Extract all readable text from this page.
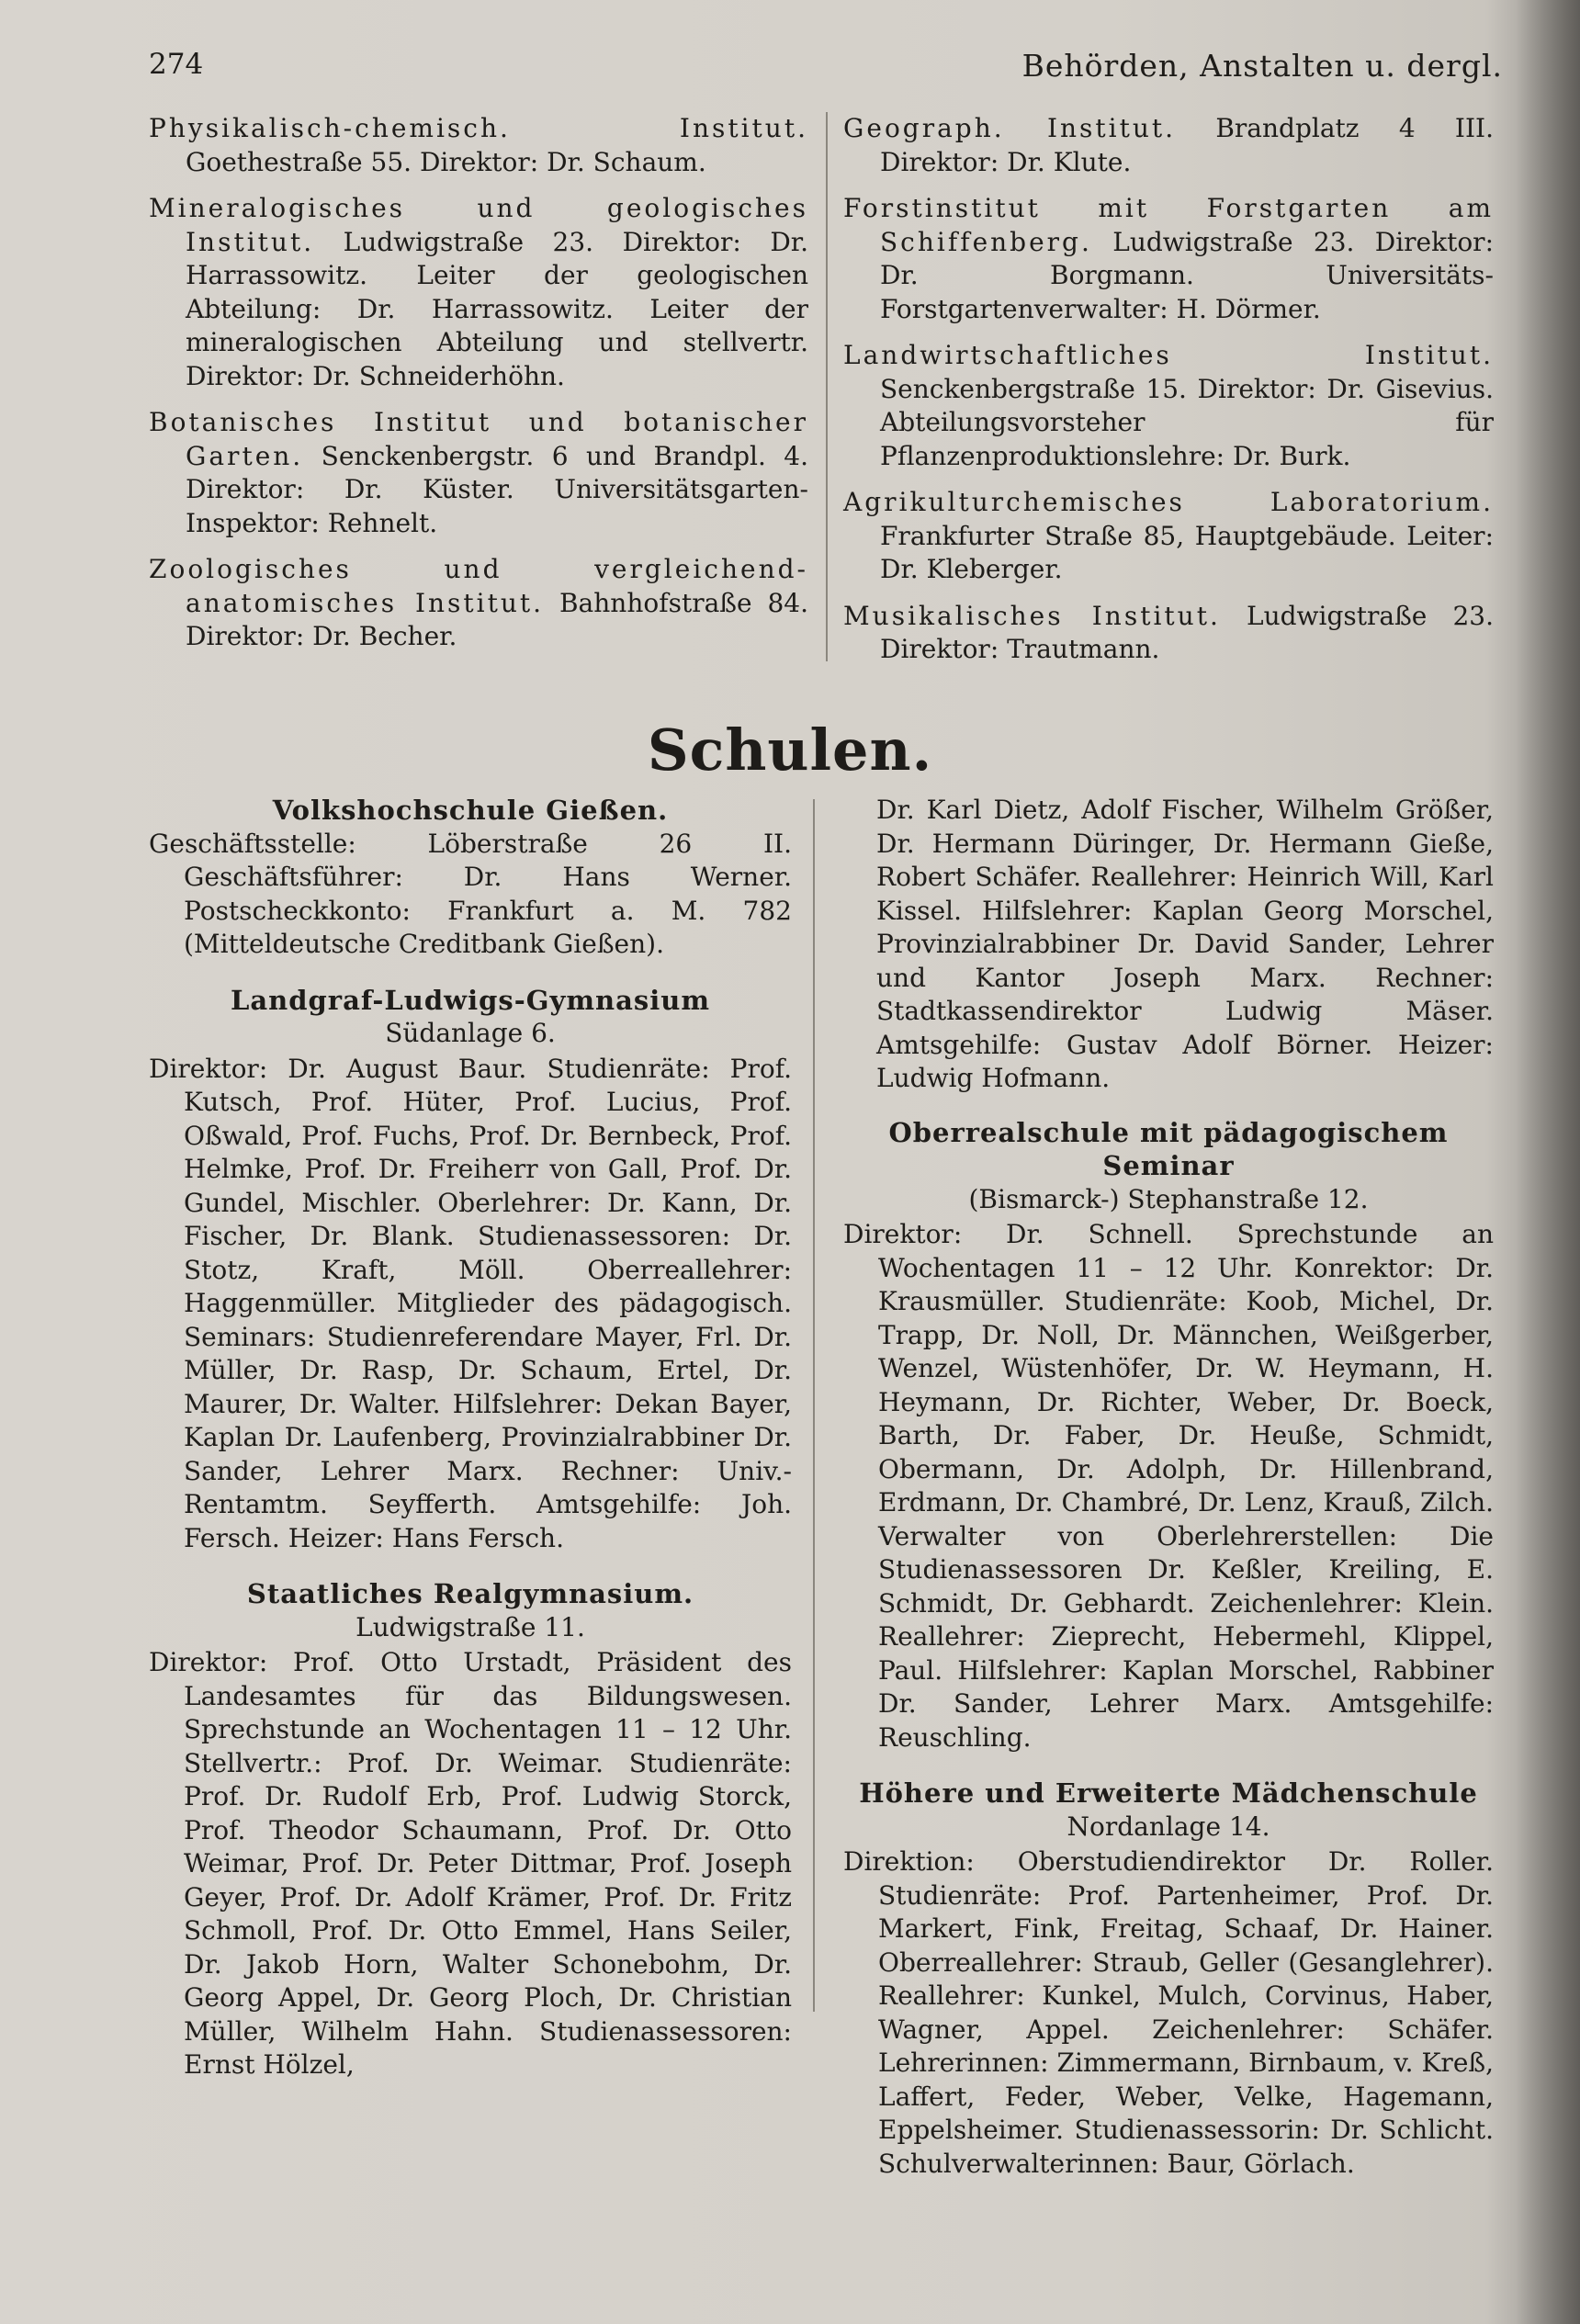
274	Behörden, Anstalten u. dergl.

Physikalisch-chemisch. Institut. Goethestraße 55. Direktor: Dr. Schaum.

Mineralogisches und geologisches Institut. Ludwigstraße 23. Direktor: Dr. Harrassowitz. Leiter der geologischen Abteilung: Dr. Harrassowitz. Leiter der mineralogischen Abteilung und stellvertr. Direktor: Dr. Schneiderhöhn.

Botanisches Institut und botanischer Garten. Senckenbergstr. 6 und Brandpl. 4. Direktor: Dr. Küster. Universitätsgarten-Inspektor: Rehnelt.

Zoologisches und vergleichend-anatomisches Institut. Bahnhofstraße 84. Direktor: Dr. Becher.

Geograph. Institut. Brandplatz 4 III. Direktor: Dr. Klute.

Forstinstitut mit Forstgarten am Schiffenberg. Ludwigstraße 23. Direktor: Dr. Borgmann. Universitäts-Forstgartenverwalter: H. Dörmer.

Landwirtschaftliches Institut. Senckenbergstraße 15. Direktor: Dr. Gisevius. Abteilungsvorsteher für Pflanzenproduktionslehre: Dr. Burk.

Agrikulturchemisches Laboratorium. Frankfurter Straße 85, Hauptgebäude. Leiter: Dr. Kleberger.

Musikalisches Institut. Ludwigstraße 23. Direktor: Trautmann.

Schulen.

Volkshochschule Gießen.

Geschäftsstelle: Löberstraße 26 II. Geschäftsführer: Dr. Hans Werner. Postscheckkonto: Frankfurt a. M. 782 (Mitteldeutsche Creditbank Gießen).

Landgraf-Ludwigs-Gymnasium

Südanlage 6.

Direktor: Dr. August Baur. Studienräte: Prof. Kutsch, Prof. Hüter, Prof. Lucius, Prof. Oßwald, Prof. Fuchs, Prof. Dr. Bernbeck, Prof. Helmke, Prof. Dr. Freiherr von Gall, Prof. Dr. Gundel, Mischler. Oberlehrer: Dr. Kann, Dr. Fischer, Dr. Blank. Studienassessoren: Dr. Stotz, Kraft, Möll. Oberreallehrer: Haggenmüller. Mitglieder des pädagogisch. Seminars: Studienreferendare Mayer, Frl. Dr. Müller, Dr. Rasp, Dr. Schaum, Ertel, Dr. Maurer, Dr. Walter. Hilfslehrer: Dekan Bayer, Kaplan Dr. Laufenberg, Provinzialrabbiner Dr. Sander, Lehrer Marx. Rechner: Univ.-Rentamtm. Seyfferth. Amtsgehilfe: Joh. Fersch. Heizer: Hans Fersch.

Staatliches Realgymnasium.

Ludwigstraße 11.

Direktor: Prof. Otto Urstadt, Präsident des Landesamtes für das Bildungswesen. Sprechstunde an Wochentagen 11 – 12 Uhr. Stellvertr.: Prof. Dr. Weimar. Studienräte: Prof. Dr. Rudolf Erb, Prof. Ludwig Storck, Prof. Theodor Schaumann, Prof. Dr. Otto Weimar, Prof. Dr. Peter Dittmar, Prof. Joseph Geyer, Prof. Dr. Adolf Krämer, Prof. Dr. Fritz Schmoll, Prof. Dr. Otto Emmel, Hans Seiler, Dr. Jakob Horn, Walter Schonebohm, Dr. Georg Appel, Dr. Georg Ploch, Dr. Christian Müller, Wilhelm Hahn. Studienassessoren: Ernst Hölzel,

Dr. Karl Dietz, Adolf Fischer, Wilhelm Größer, Dr. Hermann Düringer, Dr. Hermann Gieße, Robert Schäfer. Reallehrer: Heinrich Will, Karl Kissel. Hilfslehrer: Kaplan Georg Morschel, Provinzialrabbiner Dr. David Sander, Lehrer und Kantor Joseph Marx. Rechner: Stadtkassendirektor Ludwig Mäser. Amtsgehilfe: Gustav Adolf Börner. Heizer: Ludwig Hofmann.

Oberrealschule mit pädagogischem Seminar

(Bismarck-) Stephanstraße 12.

Direktor: Dr. Schnell. Sprechstunde an Wochentagen 11 – 12 Uhr. Konrektor: Dr. Krausmüller. Studienräte: Koob, Michel, Dr. Trapp, Dr. Noll, Dr. Männchen, Weißgerber, Wenzel, Wüstenhöfer, Dr. W. Heymann, H. Heymann, Dr. Richter, Weber, Dr. Boeck, Barth, Dr. Faber, Dr. Heuße, Schmidt, Obermann, Dr. Adolph, Dr. Hillenbrand, Erdmann, Dr. Chambré, Dr. Lenz, Krauß, Zilch. Verwalter von Oberlehrerstellen: Die Studienassessoren Dr. Keßler, Kreiling, E. Schmidt, Dr. Gebhardt. Zeichenlehrer: Klein. Reallehrer: Zieprecht, Hebermehl, Klippel, Paul. Hilfslehrer: Kaplan Morschel, Rabbiner Dr. Sander, Lehrer Marx. Amtsgehilfe: Reuschling.

Höhere und Erweiterte Mädchenschule

Nordanlage 14.

Direktion: Oberstudiendirektor Dr. Roller. Studienräte: Prof. Partenheimer, Prof. Dr. Markert, Fink, Freitag, Schaaf, Dr. Hainer. Oberreallehrer: Straub, Geller (Gesanglehrer). Reallehrer: Kunkel, Mulch, Corvinus, Haber, Wagner, Appel. Zeichenlehrer: Schäfer. Lehrerinnen: Zimmermann, Birnbaum, v. Kreß, Laffert, Feder, Weber, Velke, Hagemann, Eppelsheimer. Studienassessorin: Dr. Schlicht. Schulverwalterinnen: Baur, Görlach.
